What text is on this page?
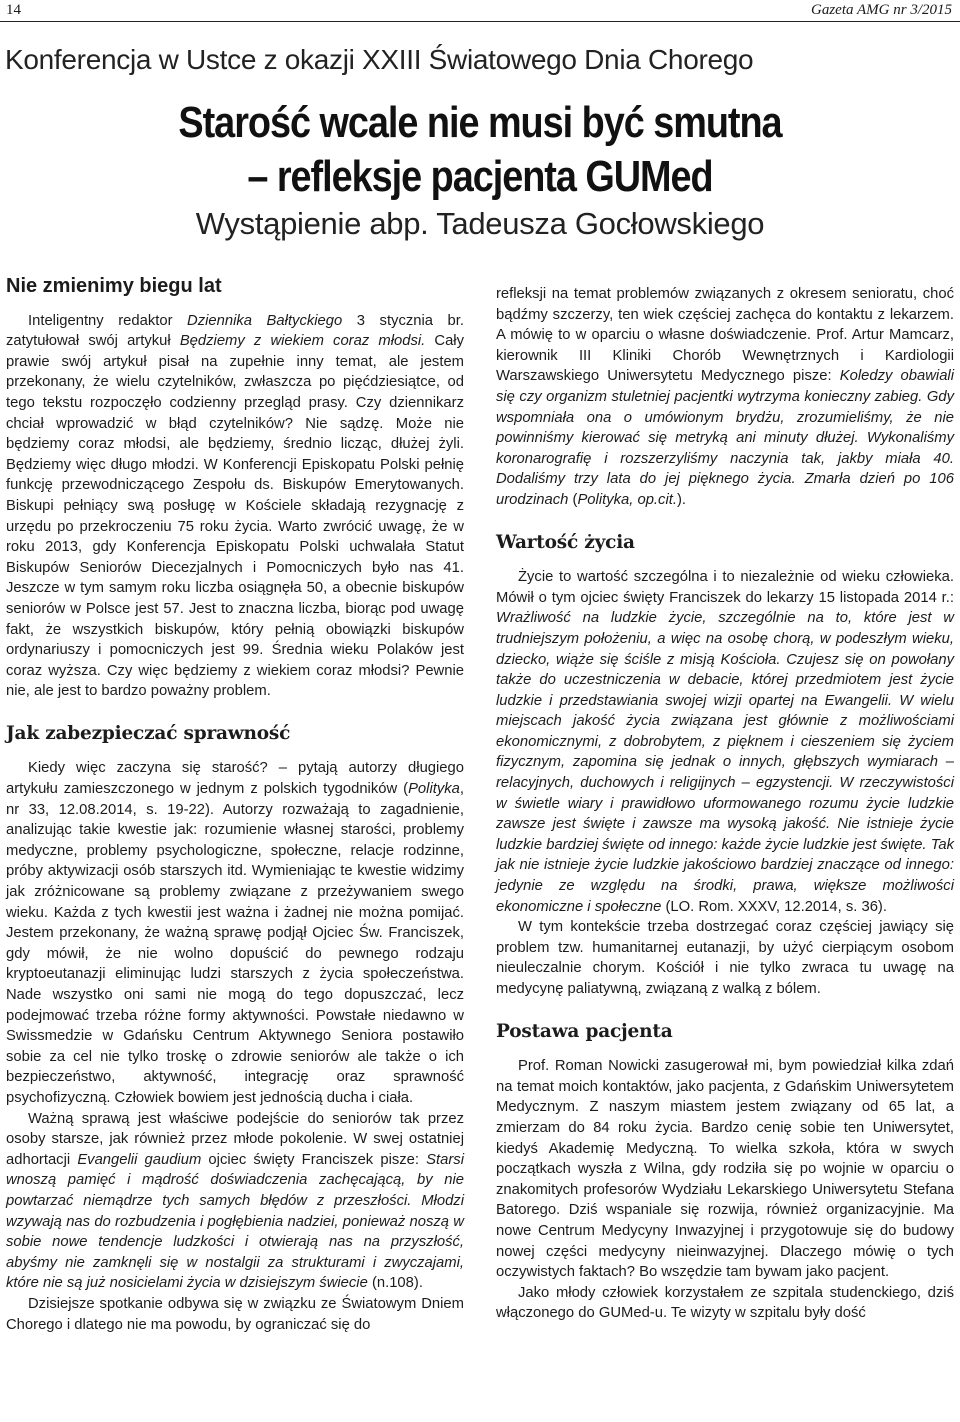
14	Gazeta AMG nr 3/2015
Konferencja w Ustce z okazji XXIII Światowego Dnia Chorego
Starość wcale nie musi być smutna
– refleksje pacjenta GUMed
Wystąpienie abp. Tadeusza Gocłowskiego
Nie zmienimy biegu lat

Inteligentny redaktor Dziennika Bałtyckiego 3 stycznia br. zatytułował swój artykuł Będziemy z wiekiem coraz młodsi. Cały prawie swój artykuł pisał na zupełnie inny temat, ale jestem przekonany, że wielu czytelników, zwłaszcza po pięćdziesiątce, od tego tekstu rozpoczęło codzienny przegląd prasy. Czy dziennikarz chciał wprowadzić w błąd czytelników? Nie sądzę. Może nie będziemy coraz młodsi, ale będziemy, średnio licząc, dłużej żyli. Będziemy więc długo młodzi. W Konferencji Episkopatu Polski pełnię funkcję przewodniczącego Zespołu ds. Biskupów Emerytowanych. Biskupi pełniący swą posługę w Kościele składają rezygnację z urzędu po przekroczeniu 75 roku życia. Warto zwrócić uwagę, że w roku 2013, gdy Konferencja Episkopatu Polski uchwalała Statut Biskupów Seniorów Diecezjalnych i Pomocniczych było nas 41. Jeszcze w tym samym roku liczba osiągnęła 50, a obecnie biskupów seniorów w Polsce jest 57. Jest to znaczna liczba, biorąc pod uwagę fakt, że wszystkich biskupów, który pełnią obowiązki biskupów ordynariuszy i pomocniczych jest 99. Średnia wieku Polaków jest coraz wyższa. Czy więc będziemy z wiekiem coraz młodsi? Pewnie nie, ale jest to bardzo poważny problem.

Jak zabezpieczać sprawność

Kiedy więc zaczyna się starość? – pytają autorzy długiego artykułu zamieszczonego w jednym z polskich tygodników (Polityka, nr 33, 12.08.2014, s. 19-22). Autorzy rozważają to zagadnienie, analizując takie kwestie jak: rozumienie własnej starości, problemy medyczne, problemy psychologiczne, społeczne, relacje rodzinne, próby aktywizacji osób starszych itd. Wymieniając te kwestie widzimy jak zróżnicowane są problemy związane z przeżywaniem swego wieku. Każda z tych kwestii jest ważna i żadnej nie można pomijać. Jestem przekonany, że ważną sprawę podjął Ojciec Św. Franciszek, gdy mówił, że nie wolno dopuścić do pewnego rodzaju kryptoeutanazji eliminując ludzi starszych z życia społeczeństwa. Nade wszystko oni sami nie mogą do tego dopuszczać, lecz podejmować trzeba różne formy aktywności. Powstałe niedawno w Swissmedzie w Gdańsku Centrum Aktywnego Seniora postawiło sobie za cel nie tylko troskę o zdrowie seniorów ale także o ich bezpieczeństwo, aktywność, integrację oraz sprawność psychofizyczną. Człowiek bowiem jest jednością ducha i ciała.

Ważną sprawą jest właściwe podejście do seniorów tak przez osoby starsze, jak również przez młode pokolenie. W swej ostatniej adhortacji Evangelii gaudium ojciec święty Franciszek pisze: Starsi wnoszą pamięć i mądrość doświadczenia zachęcającą, by nie powtarzać niemądrze tych samych błędów z przeszłości. Młodzi wzywają nas do rozbudzenia i pogłębienia nadziei, ponieważ noszą w sobie nowe tendencje ludzkości i otwierają nas na przyszłość, abyśmy nie zamknęli się w nostalgii za strukturami i zwyczajami, które nie są już nosicielami życia w dzisiejszym świecie (n.108).

Dzisiejsze spotkanie odbywa się w związku ze Światowym Dniem Chorego i dlatego nie ma powodu, by ograniczać się do

refleksji na temat problemów związanych z okresem senioratu, choć bądźmy szczerzy, ten wiek częściej zachęca do kontaktu z lekarzem. A mówię to w oparciu o własne doświadczenie. Prof. Artur Mamcarz, kierownik III Kliniki Chorób Wewnętrznych i Kardiologii Warszawskiego Uniwersytetu Medycznego pisze: Koledzy obawiali się czy organizm stuletniej pacjentki wytrzyma konieczny zabieg. Gdy wspomniała ona o umówionym brydżu, zrozumieliśmy, że nie powinniśmy kierować się metryką ani minuty dłużej. Wykonaliśmy koronarografię i rozszerzyliśmy naczynia tak, jakby miała 40. Dodaliśmy trzy lata do jej pięknego życia. Zmarła dzień po 106 urodzinach (Polityka, op.cit.).

Wartość życia

Życie to wartość szczególna i to niezależnie od wieku człowieka. Mówił o tym ojciec święty Franciszek do lekarzy 15 listopada 2014 r.: Wrażliwość na ludzkie życie, szczególnie na to, które jest w trudniejszym położeniu, a więc na osobę chorą, w podeszłym wieku, dziecko, wiąże się ściśle z misją Kościoła. Czujesz się on powołany także do uczestniczenia w debacie, której przedmiotem jest życie ludzkie i przedstawiania swojej wizji opartej na Ewangelii. W wielu miejscach jakość życia związana jest głównie z możliwościami ekonomicznymi, z dobrobytem, z pięknem i cieszeniem się życiem fizycznym, zapomina się jednak o innych, głębszych wymiarach – relacyjnych, duchowych i religijnych – egzystencji. W rzeczywistości w świetle wiary i prawidłowo uformowanego rozumu życie ludzkie zawsze jest święte i zawsze ma wysoką jakość. Nie istnieje życie ludzkie bardziej święte od innego: każde życie ludzkie jest święte. Tak jak nie istnieje życie ludzkie jakościowo bardziej znaczące od innego: jedynie ze względu na środki, prawa, większe możliwości ekonomiczne i społeczne (LO. Rom. XXXV, 12.2014, s. 36).

W tym kontekście trzeba dostrzegać coraz częściej jawiący się problem tzw. humanitarnej eutanazji, by użyć cierpiącym osobom nieuleczalnie chorym. Kościół i nie tylko zwraca tu uwagę na medycynę paliatywną, związaną z walką z bólem.

Postawa pacjenta

Prof. Roman Nowicki zasugerował mi, bym powiedział kilka zdań na temat moich kontaktów, jako pacjenta, z Gdańskim Uniwersytetem Medycznym. Z naszym miastem jestem związany od 65 lat, a zmierzam do 84 roku życia. Bardzo cenię sobie ten Uniwersytet, kiedyś Akademię Medyczną. To wielka szkoła, która w swych początkach wyszła z Wilna, gdy rodziła się po wojnie w oparciu o znakomitych profesorów Wydziału Lekarskiego Uniwersytetu Stefana Batorego. Dziś wspaniale się rozwija, również organizacyjnie. Ma nowe Centrum Medycyny Inwazyjnej i przygotowuje się do budowy nowej części medycyny nieinwazyjnej. Dlaczego mówię o tych oczywistych faktach? Bo wszędzie tam bywam jako pacjent.

Jako młody człowiek korzystałem ze szpitala studenckiego, dziś włączonego do GUMed-u. Te wizyty w szpitalu były dość
